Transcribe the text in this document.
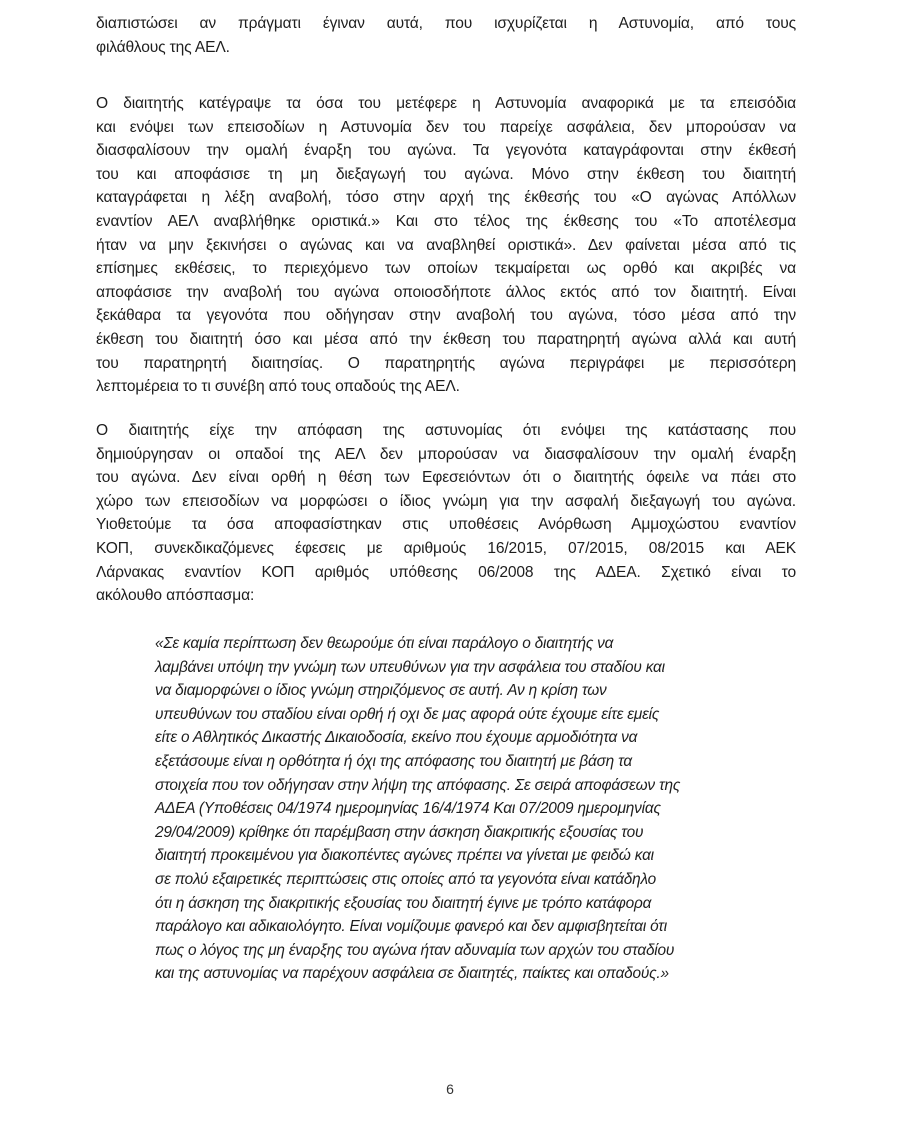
διαπιστώσει αν πράγματι έγιναν αυτά, που ισχυρίζεται η Αστυνομία, από τους
φιλάθλους της ΑΕΛ.
Ο διαιτητής κατέγραψε τα όσα του μετέφερε η Αστυνομία αναφορικά με τα επεισόδια
και ενόψει των επεισοδίων η Αστυνομία δεν του παρείχε ασφάλεια, δεν μπορούσαν να
διασφαλίσουν την ομαλή έναρξη του αγώνα. Τα γεγονότα καταγράφονται στην έκθεσή
του και αποφάσισε τη μη διεξαγωγή του αγώνα. Μόνο στην έκθεση του διαιτητή
καταγράφεται η λέξη αναβολή, τόσο στην αρχή της έκθεσής του «Ο αγώνας Απόλλων
εναντίον ΑΕΛ αναβλήθηκε οριστικά.» Και στο τέλος της έκθεσης του «Το αποτέλεσμα
ήταν να μην ξεκινήσει ο αγώνας και να αναβληθεί οριστικά». Δεν φαίνεται μέσα από τις
επίσημες εκθέσεις, το περιεχόμενο των οποίων τεκμαίρεται ως ορθό και ακριβές να
αποφάσισε την αναβολή του αγώνα οποιοσδήποτε άλλος εκτός από τον διαιτητή. Είναι
ξεκάθαρα τα γεγονότα που οδήγησαν στην αναβολή του αγώνα, τόσο μέσα από την
έκθεση του διαιτητή όσο και μέσα από την έκθεση του παρατηρητή αγώνα αλλά και αυτή
του παρατηρητή διαιτησίας. Ο παρατηρητής αγώνα περιγράφει με περισσότερη
λεπτομέρεια το τι συνέβη από τους οπαδούς της ΑΕΛ.
Ο διαιτητής είχε την απόφαση της αστυνομίας ότι ενόψει της κατάστασης που
δημιούργησαν οι οπαδοί της ΑΕΛ δεν μπορούσαν να διασφαλίσουν την ομαλή έναρξη
του αγώνα. Δεν είναι ορθή η θέση των Εφεσειόντων ότι ο διαιτητής όφειλε να πάει στο
χώρο των επεισοδίων να μορφώσει ο ίδιος γνώμη για την ασφαλή διεξαγωγή του αγώνα.
Υιοθετούμε τα όσα αποφασίστηκαν στις υποθέσεις Ανόρθωση Αμμοχώστου εναντίον
ΚΟΠ, συνεκδικαζόμενες έφεσεις με αριθμούς 16/2015, 07/2015, 08/2015 και ΑΕΚ
Λάρνακας εναντίον ΚΟΠ αριθμός υπόθεσης 06/2008 της ΑΔΕΑ. Σχετικό είναι το
ακόλουθο απόσπασμα:
«Σε καμία περίπτωση δεν θεωρούμε ότι είναι παράλογο ο διαιτητής να
λαμβάνει υπόψη την γνώμη των υπευθύνων για την ασφάλεια του σταδίου και
να διαμορφώνει ο ίδιος γνώμη στηριζόμενος σε αυτή. Αν η κρίση των
υπευθύνων του σταδίου είναι ορθή ή οχι δε μας αφορά ούτε έχουμε είτε εμείς
είτε ο Αθλητικός Δικαστής Δικαιοδοσία, εκείνο που έχουμε αρμοδιότητα να
εξετάσουμε είναι η ορθότητα ή όχι της απόφασης του διαιτητή με βάση τα
στοιχεία που τον οδήγησαν στην λήψη της απόφασης. Σε σειρά αποφάσεων της
ΑΔΕΑ (Υποθέσεις 04/1974 ημερομηνίας 16/4/1974 Και 07/2009 ημερομηνίας
29/04/2009) κρίθηκε ότι παρέμβαση στην άσκηση διακριτικής εξουσίας του
διαιτητή προκειμένου για διακοπέντες αγώνες πρέπει να γίνεται με φειδώ και
σε πολύ εξαιρετικές περιπτώσεις στις οποίες από τα γεγονότα είναι κατάδηλο
ότι η άσκηση της διακριτικής εξουσίας του διαιτητή έγινε με τρόπο κατάφορα
παράλογο και αδικαιολόγητο. Είναι νομίζουμε φανερό και δεν αμφισβητείται ότι
πως ο λόγος της μη έναρξης του αγώνα ήταν αδυναμία των αρχών του σταδίου
και της αστυνομίας να παρέχουν ασφάλεια σε διαιτητές, παίκτες και οπαδούς.»
6
